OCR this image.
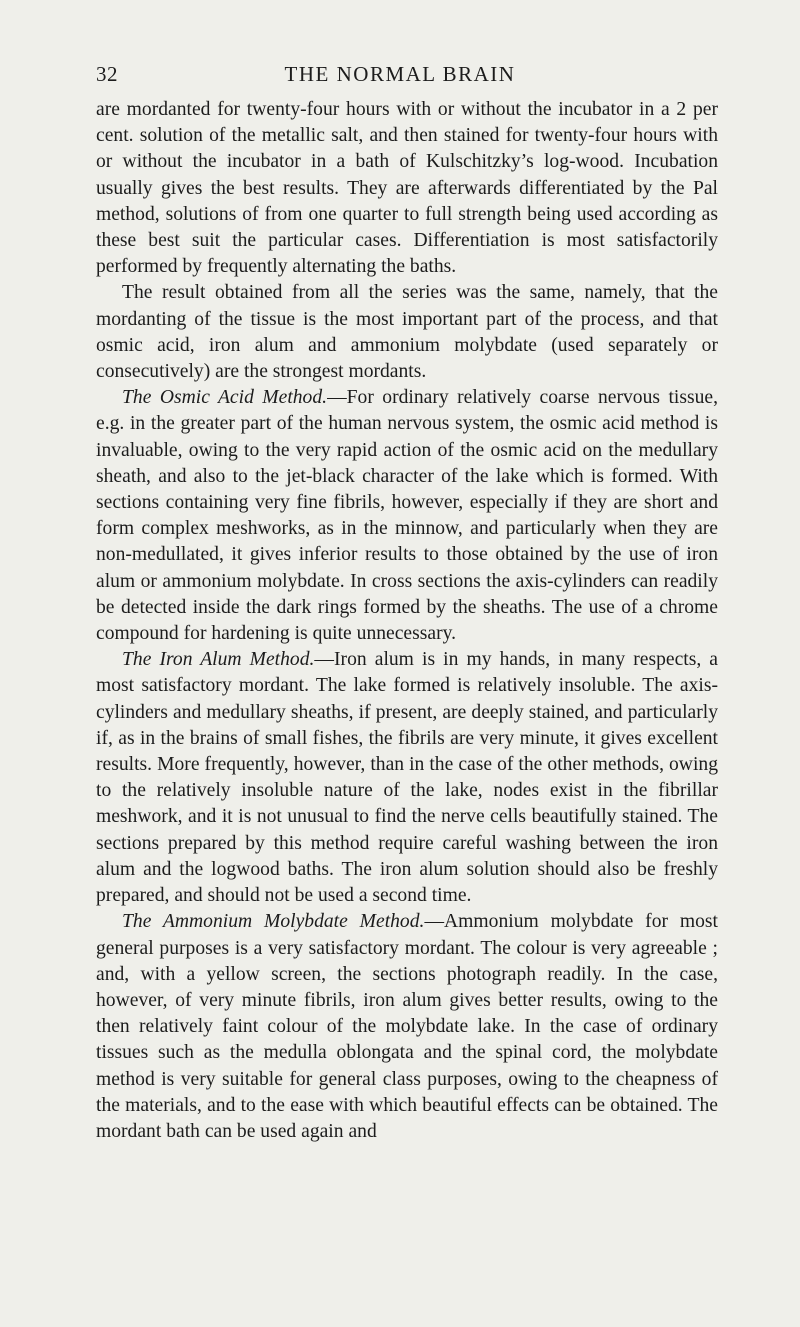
32	THE NORMAL BRAIN

are mordanted for twenty-four hours with or without the incubator in a 2 per cent. solution of the metallic salt, and then stained for twenty-four hours with or without the incubator in a bath of Kulschitzky’s log-wood. Incubation usually gives the best results. They are afterwards differentiated by the Pal method, solutions of from one quarter to full strength being used according as these best suit the particular cases. Differentiation is most satisfactorily performed by frequently alternating the baths.

The result obtained from all the series was the same, namely, that the mordanting of the tissue is the most important part of the process, and that osmic acid, iron alum and ammonium molybdate (used separately or consecutively) are the strongest mordants.

The Osmic Acid Method.—For ordinary relatively coarse nervous tissue, e.g. in the greater part of the human nervous system, the osmic acid method is invaluable, owing to the very rapid action of the osmic acid on the medullary sheath, and also to the jet-black character of the lake which is formed. With sections containing very fine fibrils, however, especially if they are short and form complex meshworks, as in the minnow, and particularly when they are non-medullated, it gives inferior results to those obtained by the use of iron alum or ammonium molybdate. In cross sections the axis-cylinders can readily be detected inside the dark rings formed by the sheaths. The use of a chrome compound for hardening is quite unnecessary.

The Iron Alum Method.—Iron alum is in my hands, in many respects, a most satisfactory mordant. The lake formed is relatively insoluble. The axis-cylinders and medullary sheaths, if present, are deeply stained, and particularly if, as in the brains of small fishes, the fibrils are very minute, it gives excellent results. More frequently, however, than in the case of the other methods, owing to the relatively insoluble nature of the lake, nodes exist in the fibrillar meshwork, and it is not unusual to find the nerve cells beautifully stained. The sections prepared by this method require careful washing between the iron alum and the logwood baths. The iron alum solution should also be freshly prepared, and should not be used a second time.

The Ammonium Molybdate Method.—Ammonium molybdate for most general purposes is a very satisfactory mordant. The colour is very agreeable ; and, with a yellow screen, the sections photograph readily. In the case, however, of very minute fibrils, iron alum gives better results, owing to the then relatively faint colour of the molybdate lake. In the case of ordinary tissues such as the medulla oblongata and the spinal cord, the molybdate method is very suitable for general class purposes, owing to the cheapness of the materials, and to the ease with which beautiful effects can be obtained. The mordant bath can be used again and
